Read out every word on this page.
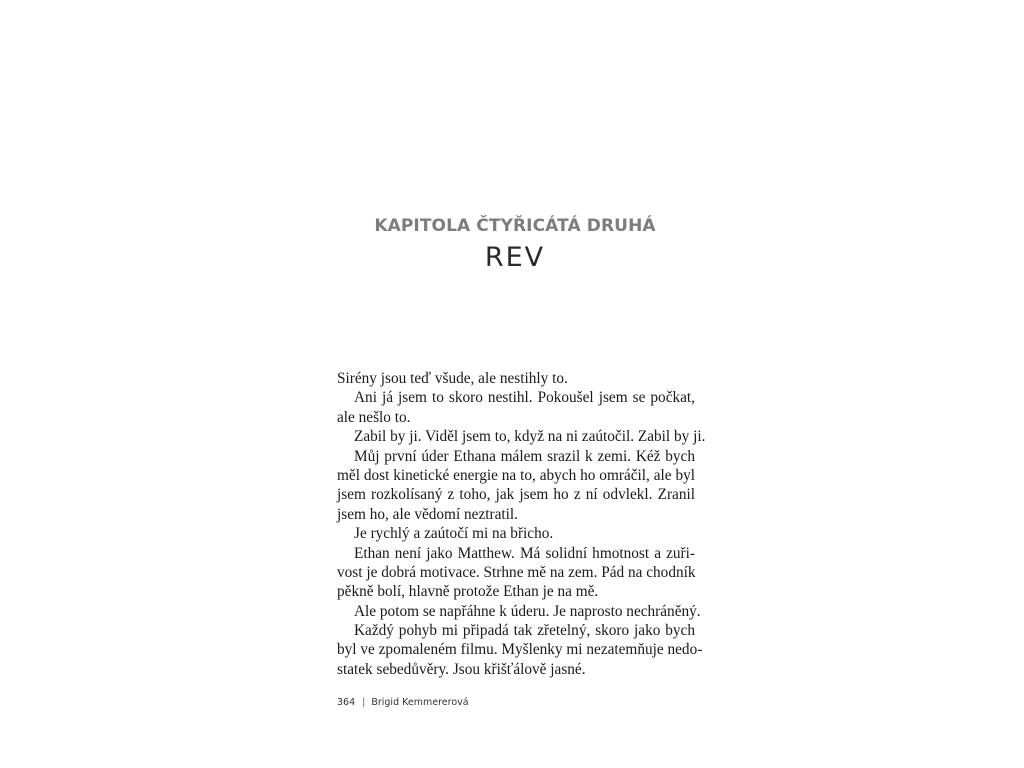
KAPITOLA ČTYŘICÁTÁ DRUHÁ
REV
Sirény jsou teď všude, ale nestihly to.
Ani já jsem to skoro nestihl. Pokoušel jsem se počkat,
ale nešlo to.
Zabil by ji. Viděl jsem to, když na ni zaútočil. Zabil by ji.
Můj první úder Ethana málem srazil k zemi. Kéž bych
měl dost kinetické energie na to, abych ho omráčil, ale byl
jsem rozkolísaný z toho, jak jsem ho z ní odvlekl. Zranil
jsem ho, ale vědomí neztratil.
Je rychlý a zaútočí mi na břicho.
Ethan není jako Matthew. Má solidní hmotnost a zuři-
vost je dobrá motivace. Strhne mě na zem. Pád na chodník
pěkně bolí, hlavně protože Ethan je na mě.
Ale potom se napřáhne k úderu. Je naprosto nechráněný.
Každý pohyb mi připadá tak zřetelný, skoro jako bych
byl ve zpomaleném filmu. Myšlenky mi nezatemňuje nedo-
statek sebedůvěry. Jsou křišťálově jasné.
364 | Brigid Kemmererová
